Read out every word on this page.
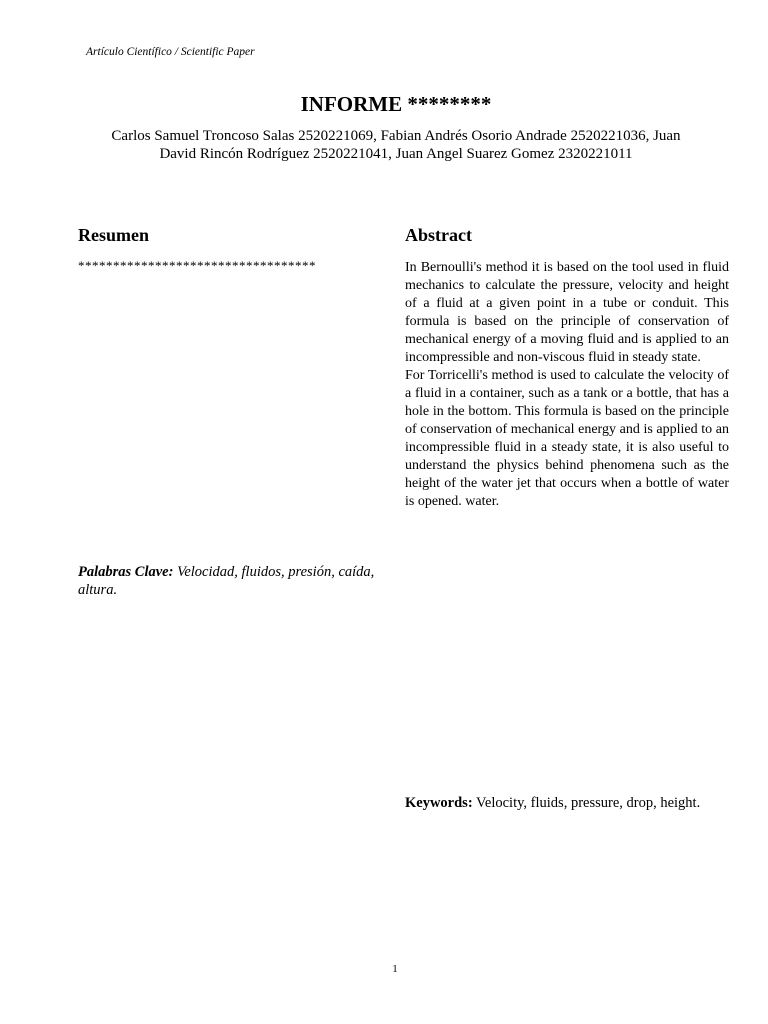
Artículo Científico / Scientific Paper
INFORME ********
Carlos Samuel Troncoso Salas 2520221069, Fabian Andrés Osorio Andrade 2520221036, Juan David Rincón Rodríguez 2520221041, Juan Angel Suarez Gomez 2320221011
Resumen
**********************************
Abstract

In Bernoulli's method it is based on the tool used in fluid mechanics to calculate the pressure, velocity and height of a fluid at a given point in a tube or conduit. This formula is based on the principle of conservation of mechanical energy of a moving fluid and is applied to an incompressible and non-viscous fluid in steady state.

For Torricelli's method is used to calculate the velocity of a fluid in a container, such as a tank or a bottle, that has a hole in the bottom. This formula is based on the principle of conservation of mechanical energy and is applied to an incompressible fluid in a steady state, it is also useful to understand the physics behind phenomena such as the height of the water jet that occurs when a bottle of water is opened. water.

Palabras Clave: Velocidad, fluidos, presión, caída, altura.
Keywords: Velocity, fluids, pressure, drop, height.
1
